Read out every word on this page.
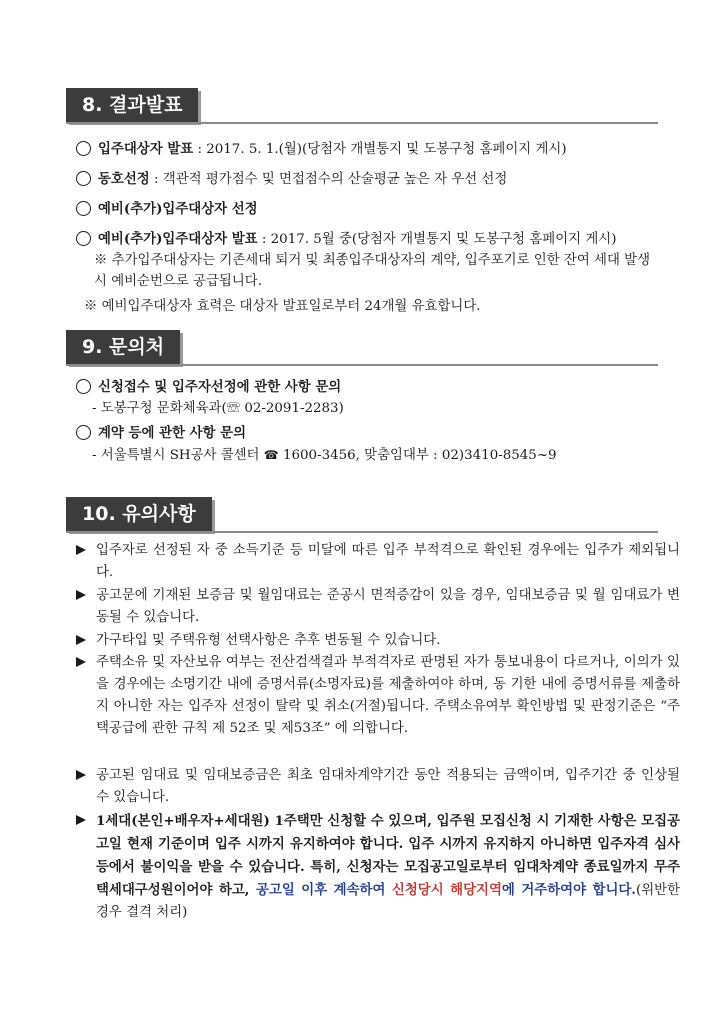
8. 결과발표
입주대상자 발표 : 2017. 5. 1.(월)(당첨자 개별통지 및 도봉구청 홈페이지 게시)
동호선정 : 객관적 평가점수 및 면접점수의 산술평균 높은 자 우선 선정
예비(추가)입주대상자 선정
예비(추가)입주대상자 발표 : 2017. 5월 중(당첨자 개별통지 및 도봉구청 홈페이지 게시)
※ 추가입주대상자는 기존세대 퇴거 및 최종입주대상자의 계약, 입주포기로 인한 잔여 세대 발생시 예비순번으로 공급됩니다.
※ 예비입주대상자 효력은 대상자 발표일로부터 24개월 유효합니다.
9. 문의처
신청접수 및 입주자선정에 관한 사항 문의
- 도봉구청 문화체육과(☏ 02-2091-2283)
계약 등에 관한 사항 문의
- 서울특별시 SH공사 콜센터 ☎ 1600-3456, 맞춤임대부 : 02)3410-8545~9
10. 유의사항
입주자로 선정된 자 중 소득기준 등 미달에 따른 입주 부적격으로 확인된 경우에는 입주가 제외됩니다.
공고문에 기재된 보증금 및 월임대료는 준공시 면적증감이 있을 경우, 임대보증금 및 월 임대료가 변동될 수 있습니다.
가구타입 및 주택유형 선택사항은 추후 변동될 수 있습니다.
주택소유 및 자산보유 여부는 전산검색결과 부적격자로 판명된 자가 통보내용이 다르거나, 이의가 있을 경우에는 소명기간 내에 증명서류(소명자료)를 제출하여야 하며, 동 기한 내에 증명서류를 제출하지 아니한 자는 입주자 선정이 탈락 및 취소(거절)됩니다. 주택소유여부 확인방법 및 판정기준은 “주택공급에 관한 규칙 제 52조 및 제53조” 에 의합니다.
공고된 임대료 및 임대보증금은 최초 임대차계약기간 동안 적용되는 금액이며, 입주기간 중 인상될 수 있습니다.
1세대(본인+배우자+세대원) 1주택만 신청할 수 있으며, 입주원 모집신청 시 기재한 사항은 모집공고일 현재 기준이며 입주 시까지 유지하여야 합니다. 입주 시까지 유지하지 아니하면 입주자격 심사 등에서 불이익을 받을 수 있습니다. 특히, 신청자는 모집공고일로부터 임대차계약 종료일까지 무주택세대구성원이어야 하고, 공고일 이후 계속하여 신청당시 해당지역에 거주하여야 합니다.(위반한 경우 결격 처리)
